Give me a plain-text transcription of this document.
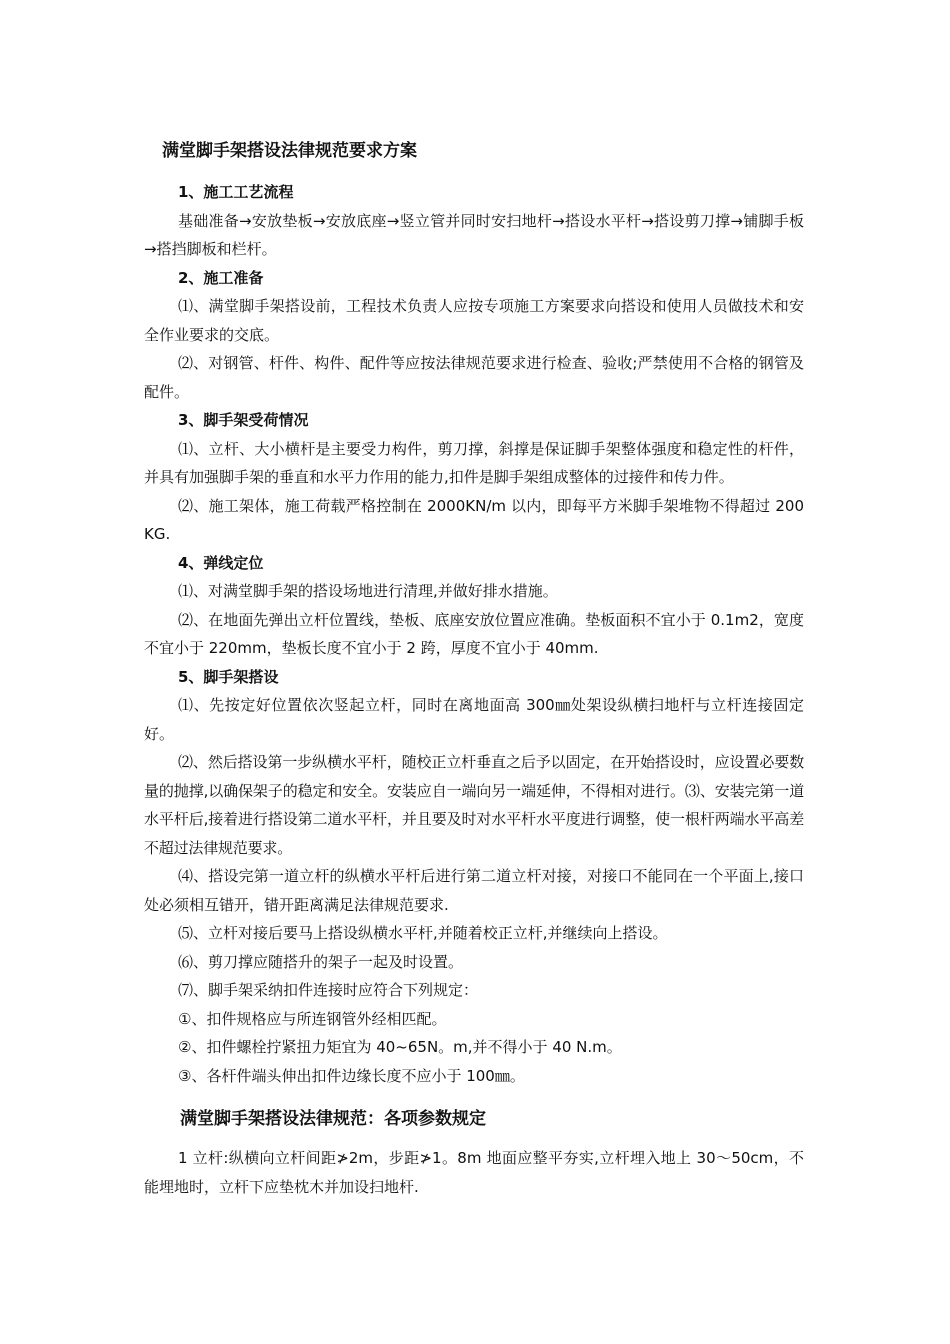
满堂脚手架搭设法律规范要求方案
1、施工工艺流程
基础准备→安放垫板→安放底座→竖立管并同时安扫地杆→搭设水平杆→搭设剪刀撑→铺脚手板→搭挡脚板和栏杆。
2、施工准备
⑴、满堂脚手架搭设前，工程技术负责人应按专项施工方案要求向搭设和使用人员做技术和安全作业要求的交底。
⑵、对钢管、杆件、构件、配件等应按法律规范要求进行检查、验收;严禁使用不合格的钢管及配件。
3、脚手架受荷情况
⑴、立杆、大小横杆是主要受力构件，剪刀撑，斜撑是保证脚手架整体强度和稳定性的杆件，并具有加强脚手架的垂直和水平力作用的能力,扣件是脚手架组成整体的过接件和传力件。
⑵、施工架体，施工荷载严格控制在 2000KN/m 以内，即每平方米脚手架堆物不得超过 200KG.
4、弹线定位
⑴、对满堂脚手架的搭设场地进行清理,并做好排水措施。
⑵、在地面先弹出立杆位置线，垫板、底座安放位置应准确。垫板面积不宜小于 0.1m2，宽度不宜小于 220mm，垫板长度不宜小于 2 跨，厚度不宜小于 40mm.
5、脚手架搭设
⑴、先按定好位置依次竖起立杆，同时在离地面高 300㎜处架设纵横扫地杆与立杆连接固定好。
⑵、然后搭设第一步纵横水平杆，随校正立杆垂直之后予以固定，在开始搭设时，应设置必要数量的抛撑,以确保架子的稳定和安全。安装应自一端向另一端延伸，不得相对进行。⑶、安装完第一道水平杆后,接着进行搭设第二道水平杆，并且要及时对水平杆水平度进行调整，使一根杆两端水平高差不超过法律规范要求。
⑷、搭设完第一道立杆的纵横水平杆后进行第二道立杆对接，对接口不能同在一个平面上,接口处必须相互错开，错开距离满足法律规范要求.
⑸、立杆对接后要马上搭设纵横水平杆,并随着校正立杆,并继续向上搭设。
⑹、剪刀撑应随搭升的架子一起及时设置。
⑺、脚手架采纳扣件连接时应符合下列规定：
①、扣件规格应与所连钢管外经相匹配。
②、扣件螺栓拧紧扭力矩宜为 40~65N。m,并不得小于 40 N.m。
③、各杆件端头伸出扣件边缘长度不应小于 100㎜。
满堂脚手架搭设法律规范：各项参数规定
1 立杆:纵横向立杆间距≯2m，步距≯1。8m 地面应整平夯实,立杆埋入地上 30～50cm，不能埋地时，立杆下应垫枕木并加设扫地杆.
